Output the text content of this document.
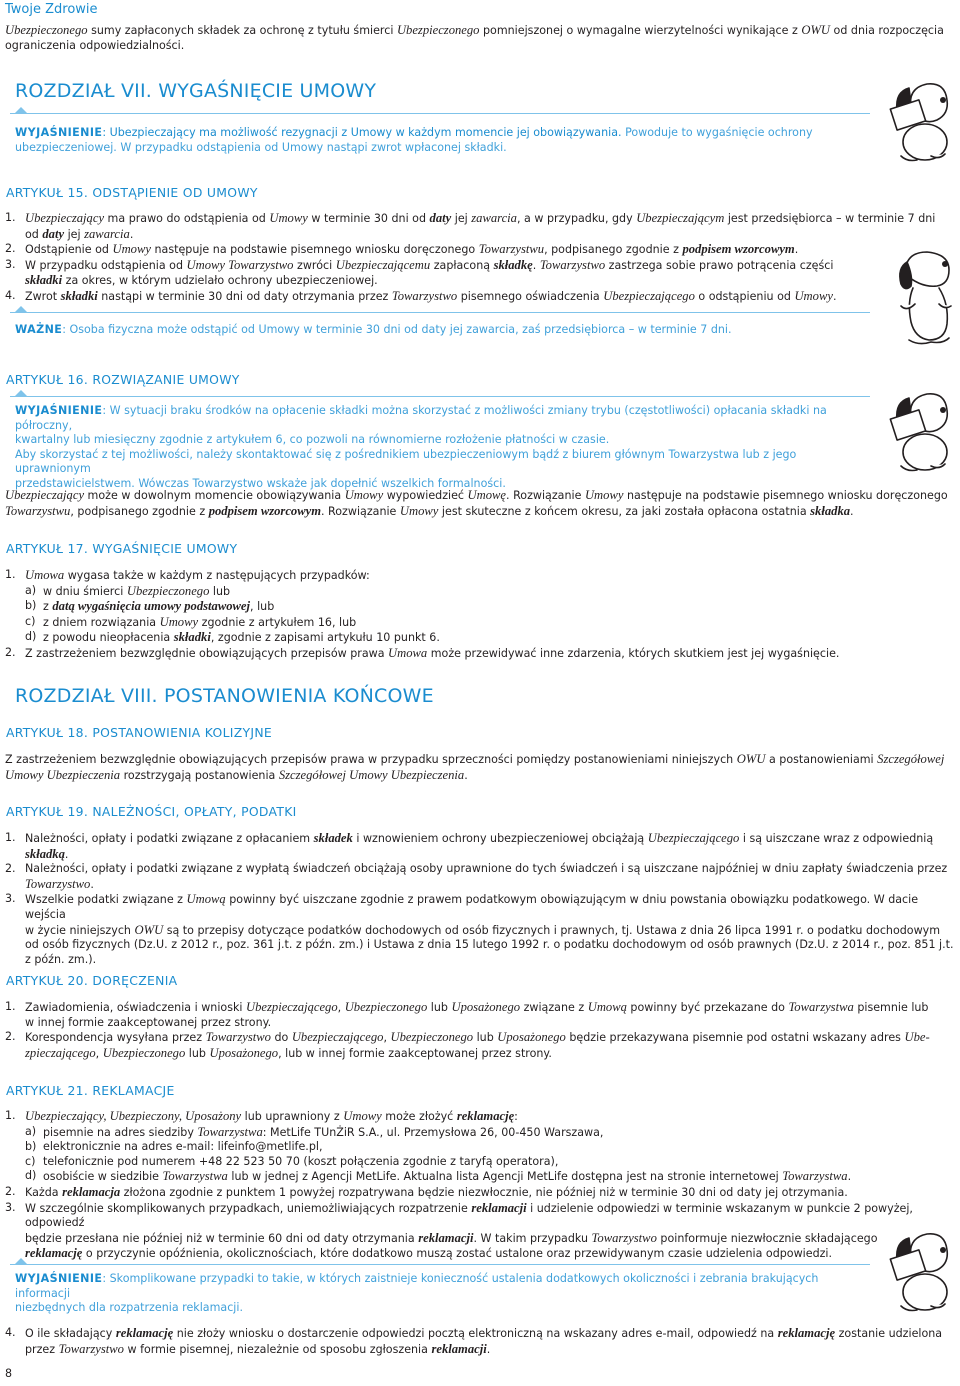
Twoje Zdrowie
Ubezpieczonego sumy zapłaconych składek za ochronę z tytułu śmierci Ubezpieczonego pomniejszonej o wymagalne wierzytelności wynikające z OWU od dnia rozpoczęcia
ograniczenia odpowiedzialności.
ROZDZIAŁ VII. WYGAŚNIĘCIE UMOWY
WYJAŚNIENIE: Ubezpieczający ma możliwość rezygnacji z Umowy w każdym momencie jej obowiązywania. Powoduje to wygaśnięcie ochrony
ubezpieczeniowej. W przypadku odstąpienia od Umowy nastąpi zwrot wpłaconej składki.
ARTYKUŁ 15. ODSTĄPIENIE OD UMOWY
1. Ubezpieczający ma prawo do odstąpienia od Umowy w terminie 30 dni od daty jej zawarcia, a w przypadku, gdy Ubezpieczającym jest przedsiębiorca – w terminie 7 dni
od daty jej zawarcia.
2. Odstąpienie od Umowy następuje na podstawie pisemnego wniosku doręczonego Towarzystwu, podpisanego zgodnie z podpisem wzorcowym.
3. W przypadku odstąpienia od Umowy Towarzystwo zwróci Ubezpieczającemu zapłaconą składkę. Towarzystwo zastrzega sobie prawo potrącenia części
składki za okres, w którym udzielało ochrony ubezpieczeniowej.
4. Zwrot składki nastąpi w terminie 30 dni od daty otrzymania przez Towarzystwo pisemnego oświadczenia Ubezpieczającego o odstąpieniu od Umowy.
WAŻNE: Osoba fizyczna może odstąpić od Umowy w terminie 30 dni od daty jej zawarcia, zaś przedsiębiorca – w terminie 7 dni.
ARTYKUŁ 16. ROZWIĄZANIE UMOWY
WYJAŚNIENIE: W sytuacji braku środków na opłacenie składki można skorzystać z możliwości zmiany trybu (częstotliwości) opłacania składki na półroczny,
kwartalny lub miesięczny zgodnie z artykułem 6, co pozwoli na równomierne rozłożenie płatności w czasie.
Aby skorzystać z tej możliwości, należy skontaktować się z pośrednikiem ubezpieczeniowym bądź z biurem głównym Towarzystwa lub z jego uprawnionym
przedstawicielstwem. Wówczas Towarzystwo wskaże jak dopełnić wszelkich formalności.
Ubezpieczający może w dowolnym momencie obowiązywania Umowy wypowiedzieć Umowę. Rozwiązanie Umowy następuje na podstawie pisemnego wniosku doręczonego
Towarzystwu, podpisanego zgodnie z podpisem wzorcowym. Rozwiązanie Umowy jest skuteczne z końcem okresu, za jaki została opłacona ostatnia składka.
ARTYKUŁ 17. WYGAŚNIĘCIE UMOWY
1. Umowa wygasa także w każdym z następujących przypadków:
a) w dniu śmierci Ubezpieczonego lub
b) z datą wygaśnięcia umowy podstawowej, lub
c) z dniem rozwiązania Umowy zgodnie z artykułem 16, lub
d) z powodu nieopłacenia składki, zgodnie z zapisami artykułu 10 punkt 6.
2. Z zastrzeżeniem bezwzględnie obowiązujących przepisów prawa Umowa może przewidywać inne zdarzenia, których skutkiem jest jej wygaśnięcie.
ROZDZIAŁ VIII. POSTANOWIENIA KOŃCOWE
ARTYKUŁ 18. POSTANOWIENIA KOLIZYJNE
Z zastrzeżeniem bezwzględnie obowiązujących przepisów prawa w przypadku sprzeczności pomiędzy postanowieniami niniejszych OWU a postanowieniami Szczegółowej
Umowy Ubezpieczenia rozstrzygają postanowienia Szczegółowej Umowy Ubezpieczenia.
ARTYKUŁ 19. NALEŻNOŚCI, OPŁATY, PODATKI
1. Należności, opłaty i podatki związane z opłacaniem składek i wznowieniem ochrony ubezpieczeniowej obciążają Ubezpieczającego i są uiszczane wraz z odpowiednią
składką.
2. Należności, opłaty i podatki związane z wypłatą świadczeń obciążają osoby uprawnione do tych świadczeń i są uiszczane najpóźniej w dniu zapłaty świadczenia przez
Towarzystwo.
3. Wszelkie podatki związane z Umową powinny być uiszczane zgodnie z prawem podatkowym obowiązującym w dniu powstania obowiązku podatkowego. W dacie wejścia
w życie niniejszych OWU są to przepisy dotyczące podatków dochodowych od osób fizycznych i prawnych, tj. Ustawa z dnia 26 lipca 1991 r. o podatku dochodowym
od osób fizycznych (Dz.U. z 2012 r., poz. 361 j.t. z późn. zm.) i Ustawa z dnia 15 lutego 1992 r. o podatku dochodowym od osób prawnych (Dz.U. z 2014 r., poz. 851 j.t.
z późn. zm.).
ARTYKUŁ 20. DORĘCZENIA
1. Zawiadomienia, oświadczenia i wnioski Ubezpieczającego, Ubezpieczonego lub Uposażonego związane z Umową powinny być przekazane do Towarzystwa pisemnie lub
w innej formie zaakceptowanej przez strony.
2. Korespondencja wysyłana przez Towarzystwo do Ubezpieczającego, Ubezpieczonego lub Uposażonego będzie przekazywana pisemnie pod ostatni wskazany adres Ube-
zpieczającego, Ubezpieczonego lub Uposażonego, lub w innej formie zaakceptowanej przez strony.
ARTYKUŁ 21. REKLAMACJE
1. Ubezpieczający, Ubezpieczony, Uposażony lub uprawniony z Umowy może złożyć reklamację:
a) pisemnie na adres siedziby Towarzystwa: MetLife TUnŻiR S.A., ul. Przemysłowa 26, 00-450 Warszawa,
b) elektronicznie na adres e-mail: lifeinfo@metlife.pl,
c) telefonicznie pod numerem +48 22 523 50 70 (koszt połączenia zgodnie z taryfą operatora),
d) osobiście w siedzibie Towarzystwa lub w jednej z Agencji MetLife. Aktualna lista Agencji MetLife dostępna jest na stronie internetowej Towarzystwa.
2. Każda reklamacja złożona zgodnie z punktem 1 powyżej rozpatrywana będzie niezwłocznie, nie później niż w terminie 30 dni od daty jej otrzymania.
3. W szczególnie skomplikowanych przypadkach, uniemożliwiających rozpatrzenie reklamacji i udzielenie odpowiedzi w terminie wskazanym w punkcie 2 powyżej, odpowiedź
będzie przesłana nie później niż w terminie 60 dni od daty otrzymania reklamacji. W takim przypadku Towarzystwo poinformuje niezwłocznie składającego
reklamację o przyczynie opóźnienia, okolicznościach, które dodatkowo muszą zostać ustalone oraz przewidywanym czasie udzielenia odpowiedzi.
WYJAŚNIENIE: Skomplikowane przypadki to takie, w których zaistnieje konieczność ustalenia dodatkowych okoliczności i zebrania brakujących informacji
niezbędnych dla rozpatrzenia reklamacji.
4. O ile składający reklamację nie złoży wniosku o dostarczenie odpowiedzi pocztą elektroniczną na wskazany adres e-mail, odpowiedź na reklamację zostanie udzielona
przez Towarzystwo w formie pisemnej, niezależnie od sposobu zgłoszenia reklamacji.
8
